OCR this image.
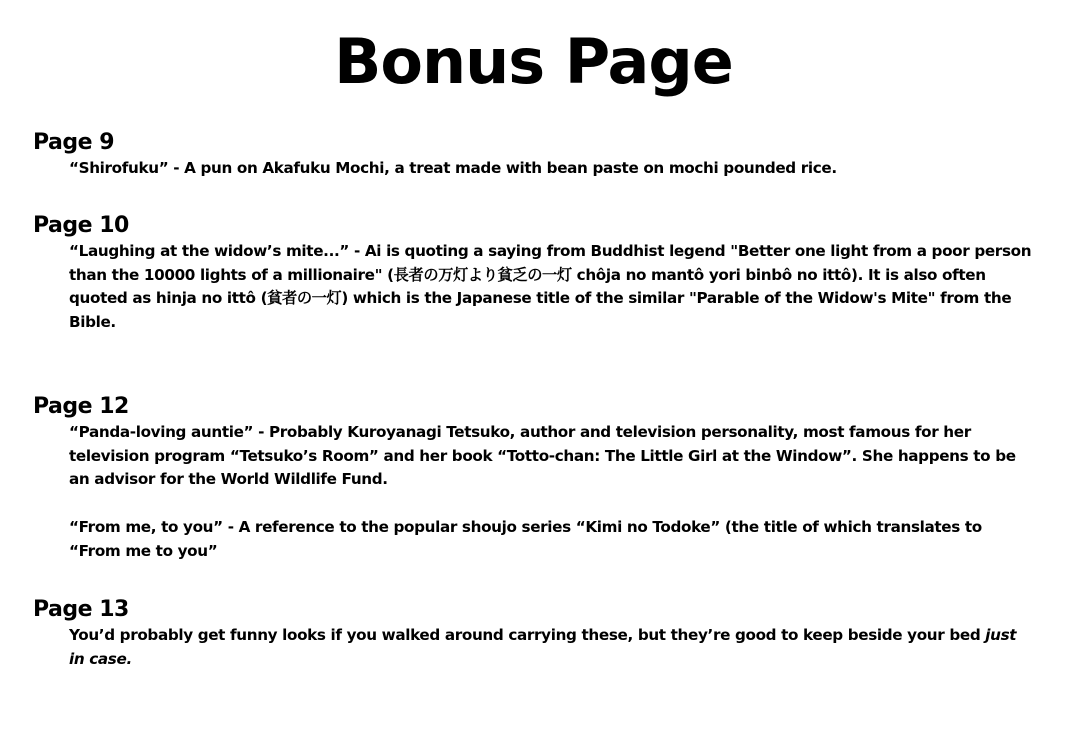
Bonus Page
Page 9
“Shirofuku” - A pun on Akafuku Mochi, a treat made with bean paste on mochi pounded rice.
Page 10
“Laughing at the widow’s mite...” - Ai is quoting a saying from Buddhist legend "Better one light from a poor person than the 10000 lights of a millionaire" (長者の万灯より貧乏の一灯 chôja no mantô yori binbô no ittô). It is also often quoted as hinja no ittô (貧者の一灯) which is the Japanese title of the similar "Parable of the Widow's Mite" from the Bible.
Page 12
“Panda-loving auntie” - Probably Kuroyanagi Tetsuko, author and television personality, most famous for her television program “Tetsuko’s Room” and her book “Totto-chan: The Little Girl at the Window”. She happens to be an advisor for the World Wildlife Fund.
“From me, to you” - A reference to the popular shoujo series “Kimi no Todoke” (the title of which translates to “From me to you”
Page 13
You’d probably get funny looks if you walked around carrying these, but they’re good to keep beside your bed just in case.
